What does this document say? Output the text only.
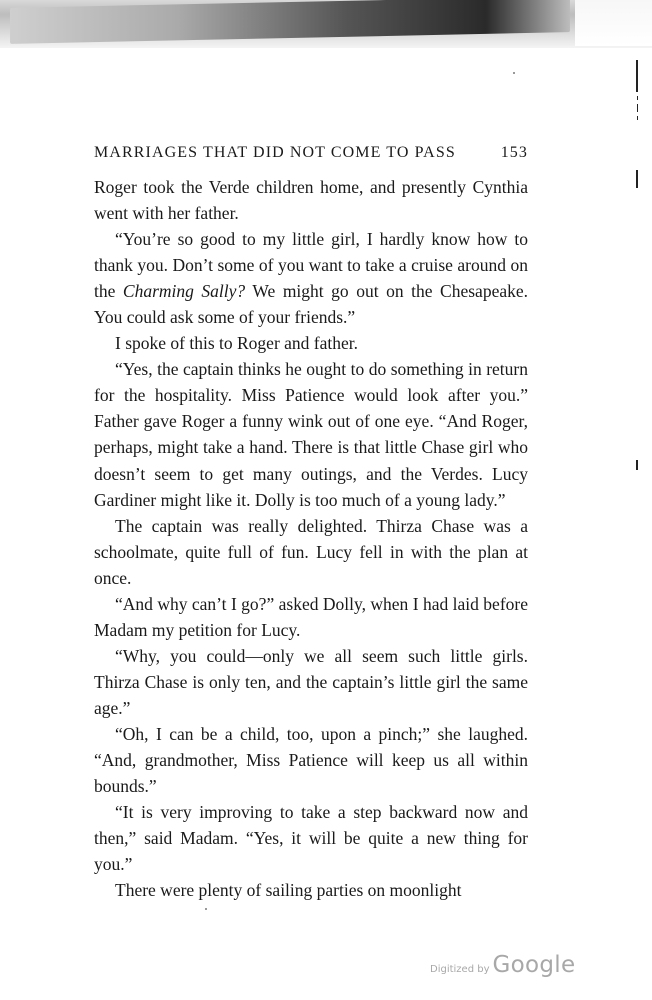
MARRIAGES THAT DID NOT COME TO PASS	153

Roger took the Verde children home, and presently Cynthia went with her father.

“You’re so good to my little girl, I hardly know how to thank you. Don’t some of you want to take a cruise around on the Charming Sally? We might go out on the Chesapeake. You could ask some of your friends.”

I spoke of this to Roger and father.

“Yes, the captain thinks he ought to do something in return for the hospitality. Miss Patience would look after you.” Father gave Roger a funny wink out of one eye. “And Roger, perhaps, might take a hand. There is that little Chase girl who doesn’t seem to get many outings, and the Verdes. Lucy Gardiner might like it. Dolly is too much of a young lady.”

The captain was really delighted. Thirza Chase was a schoolmate, quite full of fun. Lucy fell in with the plan at once.

“And why can’t I go?” asked Dolly, when I had laid before Madam my petition for Lucy.

“Why, you could—only we all seem such little girls. Thirza Chase is only ten, and the captain’s little girl the same age.”

“Oh, I can be a child, too, upon a pinch;” she laughed. “And, grandmother, Miss Patience will keep us all within bounds.”

“It is very improving to take a step backward now and then,” said Madam. “Yes, it will be quite a new thing for you.”

There were plenty of sailing parties on moonlight

Digitized by Google
